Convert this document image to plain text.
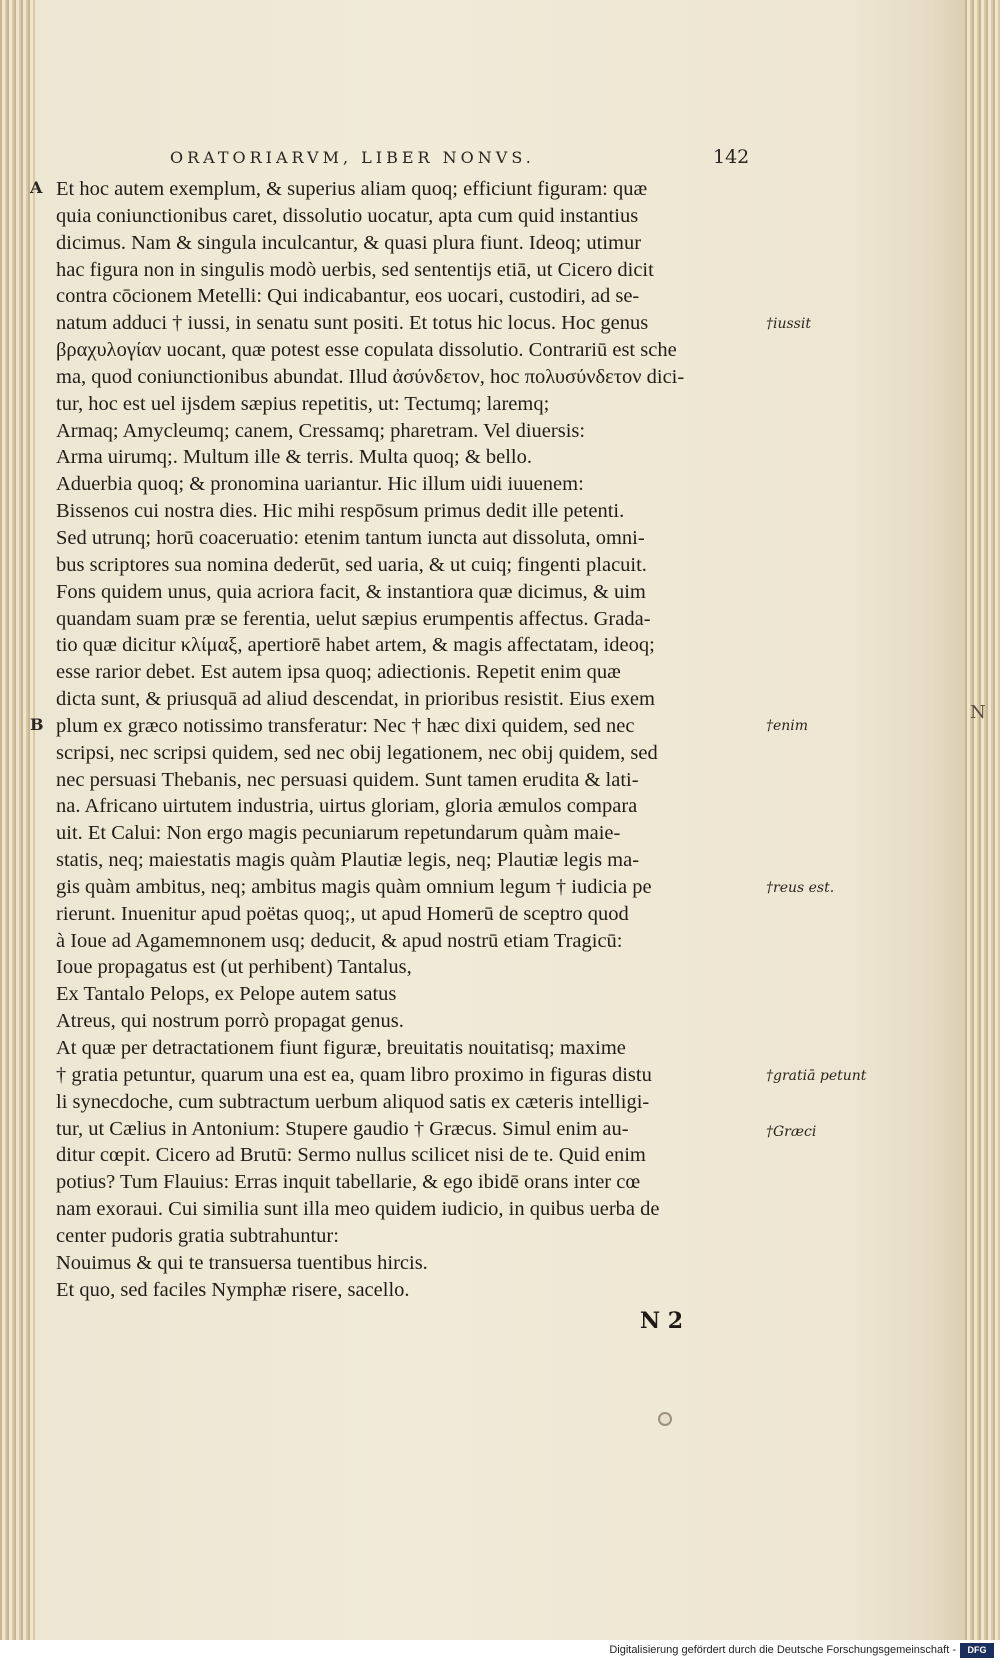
N
ORATORIARVM, LIBER NONVS.	142
A
B
Et hoc autem exemplum, & superius aliam quoq; efficiunt figuram: quæ
quia coniunctionibus caret, dissolutio uocatur, apta cum quid instantius
dicimus. Nam & singula inculcantur, & quasi plura fiunt. Ideoq; utimur
hac figura non in singulis modò uerbis, sed sententijs etiā, ut Cicero dicit
contra cōcionem Metelli: Qui indicabantur, eos uocari, custodiri, ad se-
natum adduci † iussi, in senatu sunt positi. Et totus hic locus. Hoc genus
βραχυλογίαν uocant, quæ potest esse copulata dissolutio. Contrariū est sche
ma, quod coniunctionibus abundat. Illud ἀσύνδετον, hoc πολυσύνδετον dici-
tur, hoc est uel ijsdem sæpius repetitis, ut: Tectumq; laremq;
Armaq; Amycleumq; canem, Cressamq; pharetram. Vel diuersis:
Arma uirumq;. Multum ille & terris. Multa quoq; & bello.
Aduerbia quoq; & pronomina uariantur. Hic illum uidi iuuenem:
Bissenos cui nostra dies. Hic mihi respōsum primus dedit ille petenti.
Sed utrunq; horū coaceruatio: etenim tantum iuncta aut dissoluta, omni-
bus scriptores sua nomina dederūt, sed uaria, & ut cuiq; fingenti placuit.
Fons quidem unus, quia acriora facit, & instantiora quæ dicimus, & uim
quandam suam præ se ferentia, uelut sæpius erumpentis affectus. Grada-
tio quæ dicitur κλίμαξ, apertiorē habet artem, & magis affectatam, ideoq;
esse rarior debet. Est autem ipsa quoq; adiectionis. Repetit enim quæ
dicta sunt, & priusquā ad aliud descendat, in prioribus resistit. Eius exem
plum ex græco notissimo transferatur: Nec † hæc dixi quidem, sed nec
scripsi, nec scripsi quidem, sed nec obij legationem, nec obij quidem, sed
nec persuasi Thebanis, nec persuasi quidem. Sunt tamen erudita & lati-
na. Africano uirtutem industria, uirtus gloriam, gloria æmulos compara
uit. Et Calui: Non ergo magis pecuniarum repetundarum quàm maie-
statis, neq; maiestatis magis quàm Plautiæ legis, neq; Plautiæ legis ma-
gis quàm ambitus, neq; ambitus magis quàm omnium legum † iudicia pe
rierunt. Inuenitur apud poëtas quoq;, ut apud Homerū de sceptro quod
à Ioue ad Agamemnonem usq; deducit, & apud nostrū etiam Tragicū:
Ioue propagatus est (ut perhibent) Tantalus,
Ex Tantalo Pelops, ex Pelope autem satus
Atreus, qui nostrum porrò propagat genus.
At quæ per detractationem fiunt figuræ, breuitatis nouitatisq; maxime
† gratia petuntur, quarum una est ea, quam libro proximo in figuras distu
li synecdoche, cum subtractum uerbum aliquod satis ex cæteris intelligi-
tur, ut Cælius in Antonium: Stupere gaudio † Græcus. Simul enim au-
ditur cœpit. Cicero ad Brutū: Sermo nullus scilicet nisi de te. Quid enim
potius? Tum Flauius: Erras inquit tabellarie, & ego ibidē orans inter cœ
nam exoraui. Cui similia sunt illa meo quidem iudicio, in quibus uerba de
center pudoris gratia subtrahuntur:
Nouimus & qui te transuersa tuentibus hircis.
Et quo, sed faciles Nymphæ risere, sacello.
†iussit
†enim
†reus est.
†gratiā petunt
†Græci
N 2
Digitalisierung gefördert durch die Deutsche Forschungsgemeinschaft -	DFG
